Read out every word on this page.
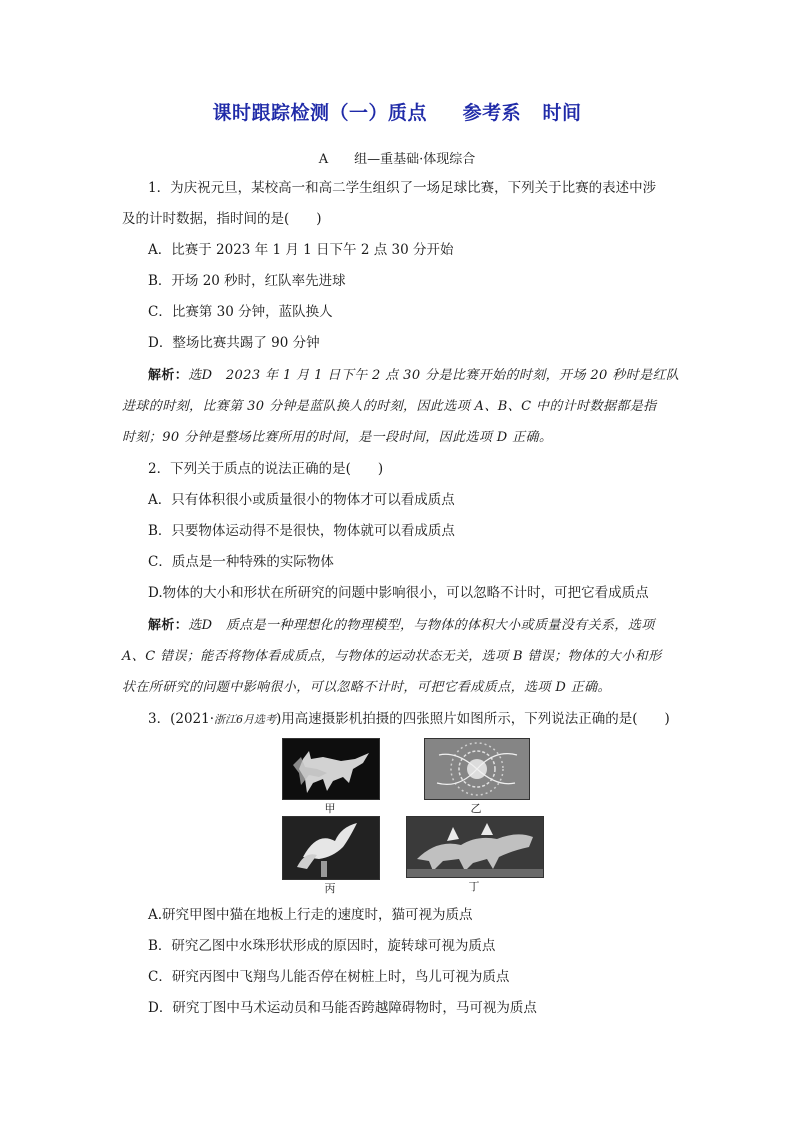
课时跟踪检测（一）质点 参考系 时间
A　　组—重基础·体现综合
1．为庆祝元旦，某校高一和高二学生组织了一场足球比赛，下列关于比赛的表述中涉
及的计时数据，指时间的是(　　)
A．比赛于 2023 年 1 月 1 日下午 2 点 30 分开始
B．开场 20 秒时，红队率先进球
C．比赛第 30 分钟，蓝队换人
D．整场比赛共踢了 90 分钟
解析：选D　2023 年 1 月 1 日下午 2 点 30 分是比赛开始的时刻，开场 20 秒时是红队
进球的时刻，比赛第 30 分钟是蓝队换人的时刻，因此选项 A、B、C 中的计时数据都是指
时刻；90 分钟是整场比赛所用的时间，是一段时间，因此选项 D 正确。
2．下列关于质点的说法正确的是(　　)
A．只有体积很小或质量很小的物体才可以看成质点
B．只要物体运动得不是很快，物体就可以看成质点
C．质点是一种特殊的实际物体
D.物体的大小和形状在所研究的问题中影响很小，可以忽略不计时，可把它看成质点
解析：选D　质点是一种理想化的物理模型，与物体的体积大小或质量没有关系，选项
A、C 错误；能否将物体看成质点，与物体的运动状态无关，选项 B 错误；物体的大小和形
状在所研究的问题中影响很小，可以忽略不计时，可把它看成质点，选项 D 正确。
3．(2021·浙江6月选考)用高速摄影机拍摄的四张照片如图所示，下列说法正确的是(　　)
甲	乙
丙	丁
A.研究甲图中猫在地板上行走的速度时，猫可视为质点
B．研究乙图中水珠形状形成的原因时，旋转球可视为质点
C．研究丙图中飞翔鸟儿能否停在树桩上时，鸟儿可视为质点
D．研究丁图中马术运动员和马能否跨越障碍物时，马可视为质点
